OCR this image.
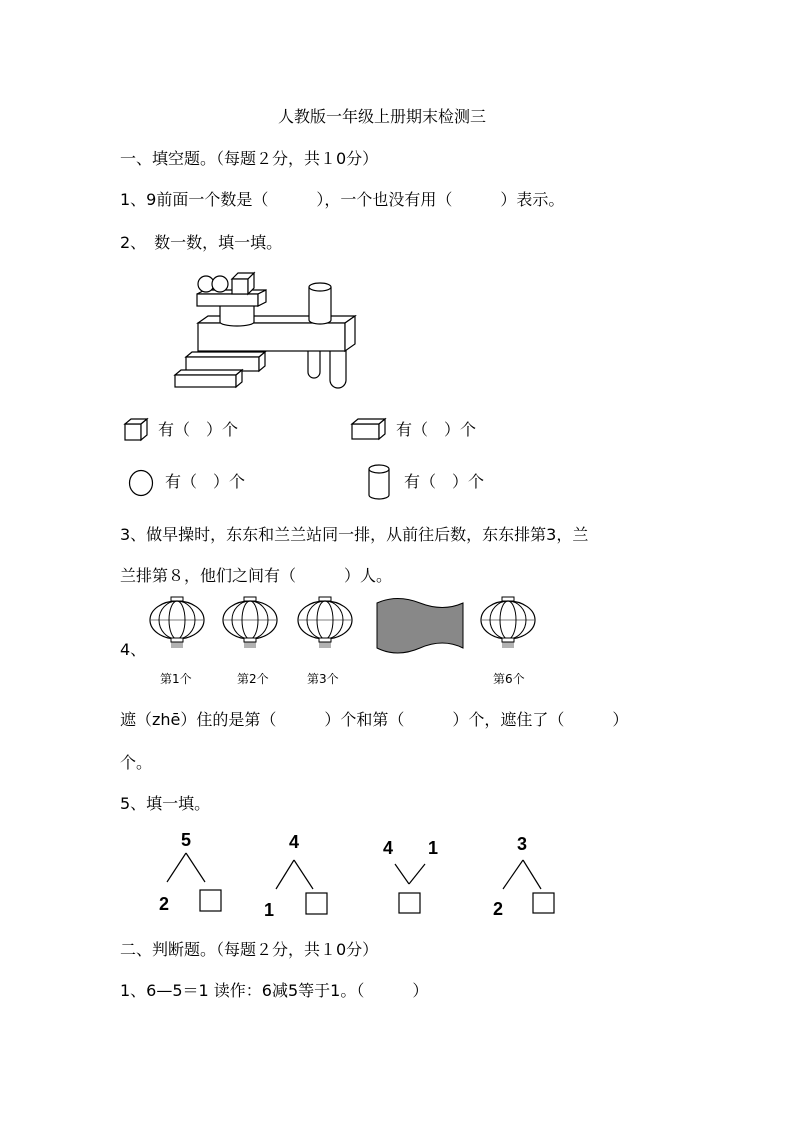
人教版一年级上册期末检测三
一、填空题。（每题２分，共１0分）
1、9前面一个数是（　　　），一个也没有用（　　　）表示。
2、　数一数，填一填。
有（　）个	有（　）个
有（　）个	有（　）个
3、做早操时，东东和兰兰站同一排，从前往后数，东东排第3，兰
兰排第８，他们之间有（　　　）人。
4、
第1个	第2个	第3个	第6个
遮（zhē）住的是第（　　　）个和第（　　　）个，遮住了（　　　）
个。
5、填一填。
5
2
4
1
4 1	3
2
二、判断题。（每题２分，共１0分）
1、6—5＝1 读作：6减5等于1。（　　　）
